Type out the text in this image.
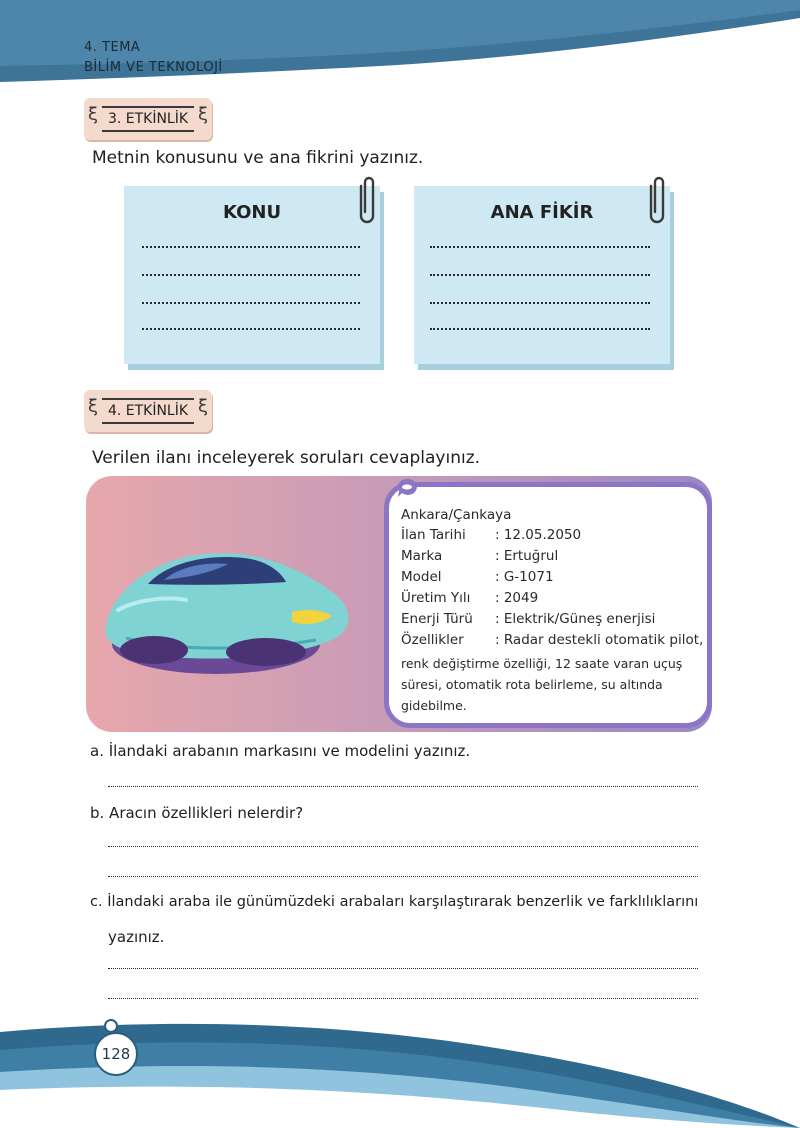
4. TEMA
BİLİM VE TEKNOLOJİ
ξ 3. ETKİNLİK ξ
Metnin konusunu ve ana fikrini yazınız.
KONU	ANA FİKİR
ξ 4. ETKİNLİK ξ
Verilen ilanı inceleyerek soruları cevaplayınız.
Ankara/Çankaya
İlan Tarihi : 12.05.2050
Marka	: Ertuğrul
Model	: G-1071
Üretim Yılı : 2049
Enerji Türü : Elektrik/Güneş enerjisi
Özellikler : Radar destekli otomatik pilot,
renk değiştirme özelliği, 12 saate varan uçuş
süresi, otomatik rota belirleme, su altında
gidebilme.
a. İlandaki arabanın markasını ve modelini yazınız.
b. Aracın özellikleri nelerdir?
c. İlandaki araba ile günümüzdeki arabaları karşılaştırarak benzerlik ve farklılıklarını
yazınız.
128
